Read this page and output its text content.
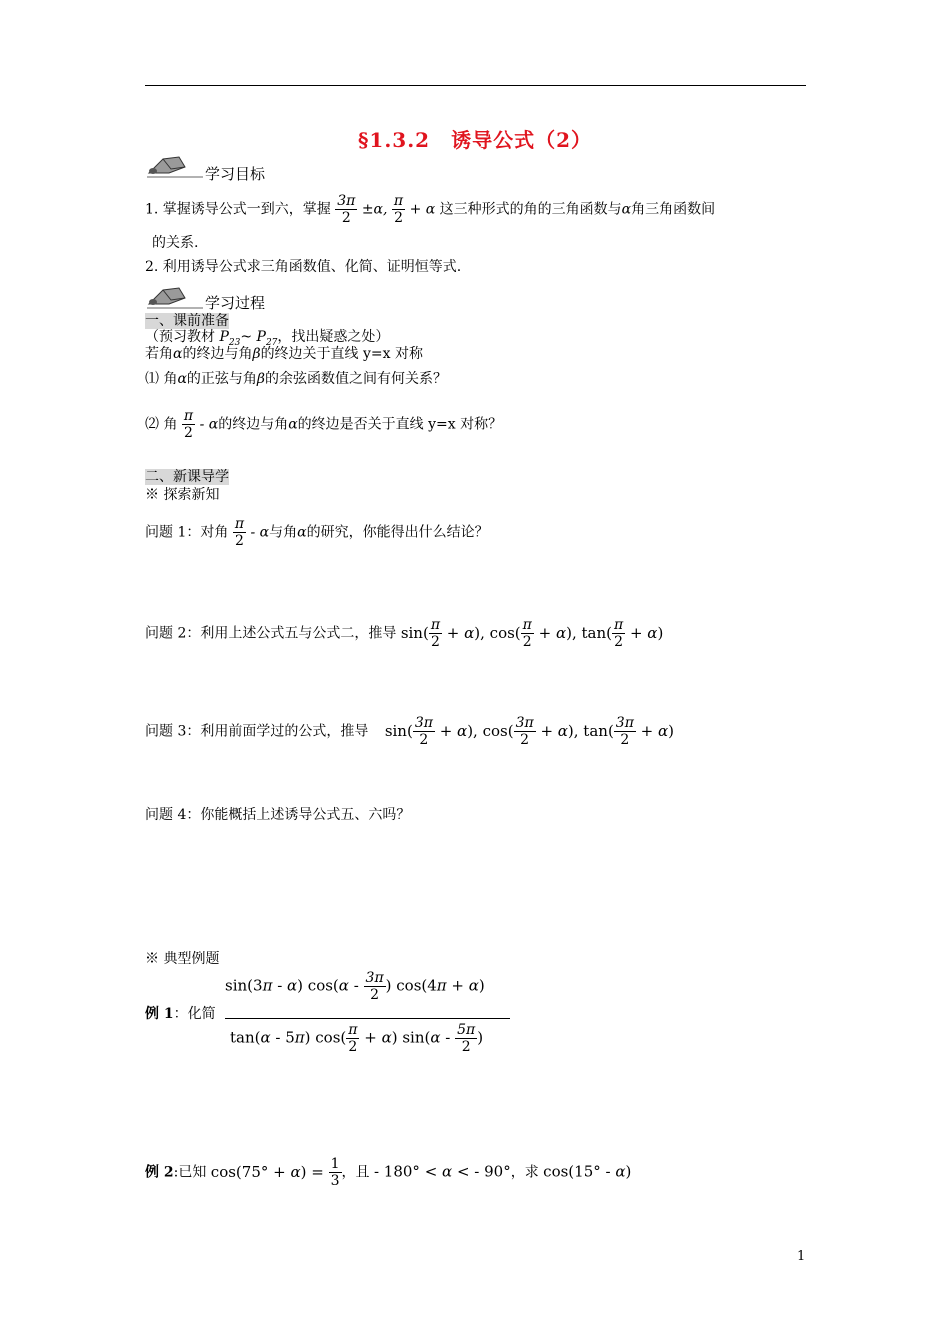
§1.3.2　诱导公式（2）
学习目标
1. 掌握诱导公式一到六，掌握 $\frac{3\pi}{2} \pm\alpha$, $\frac{\pi}{2} + \alpha$ 这三种形式的角的三角函数与α角三角函数间
的关系.
2. 利用诱导公式求三角函数值、化简、证明恒等式.
学习过程
一、课前准备
（预习教材 $P_{23}\sim$ $P_{27}$，找出疑惑之处）
若角α的终边与角β的终边关于直线 y=x 对称
⑴ 角α的正弦与角β的余弦函数值之间有何关系？
⑵ 角 $\frac{\pi}{2}$ - α的终边与角α的终边是否关于直线 y=x 对称？
二、新课导学
※ 探索新知
问题 1：对角 $\frac{\pi}{2}$ - α与角α的研究，你能得出什么结论？
问题 2：利用上述公式五与公式二，推导 $\sin( \frac{\pi}{2} + \alpha)$, $\cos( \frac{\pi}{2} + \alpha)$, $\tan( \frac{\pi}{2} + \alpha)$
问题 3：利用前面学过的公式，推导 $\sin( \frac{3\pi}{2} + \alpha)$, $\cos( \frac{3\pi}{2} + \alpha)$, $\tan( \frac{3\pi}{2} + \alpha)$
问题 4：你能概括上述诱导公式五、六吗？
※ 典型例题
例 1：化简
sin(3π - α) $\cos(\alpha - \frac{3\pi}{2}$ ) cos(4π + α)
tan(α - 5π) $\cos( \frac{\pi}{2} + \alpha)$ $\sin(\alpha - \frac{5\pi}{2}$ )
例 2:已知 $\cos(75^\circ + \alpha) = \frac{1}{3}$ ，且 - 180° < α < - 90°，求 cos(15° - α)
1
